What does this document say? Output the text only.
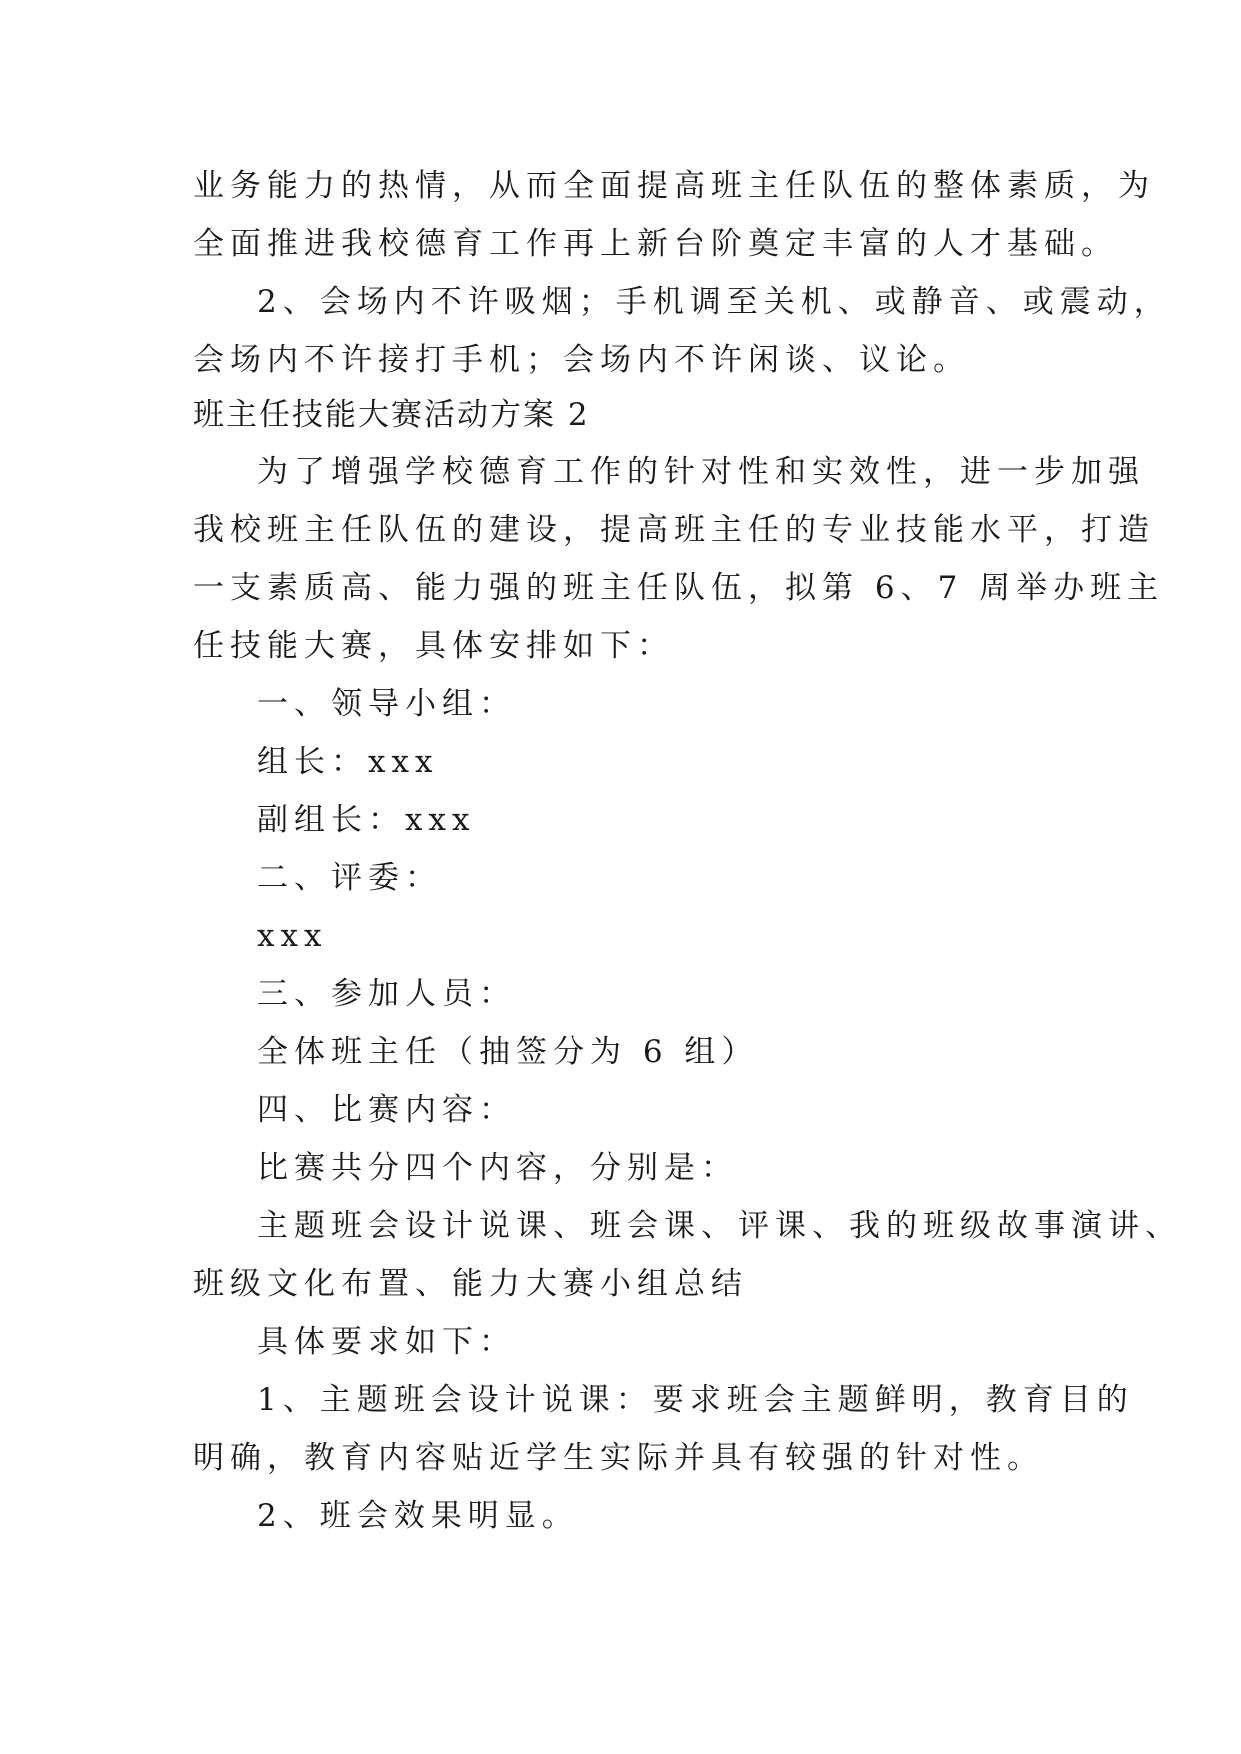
业务能力的热情，从而全面提高班主任队伍的整体素质，为
全面推进我校德育工作再上新台阶奠定丰富的人才基础。
2、会场内不许吸烟；手机调至关机、或静音、或震动，
会场内不许接打手机；会场内不许闲谈、议论。
班主任技能大赛活动方案 2
为了增强学校德育工作的针对性和实效性，进一步加强
我校班主任队伍的建设，提高班主任的专业技能水平，打造
一支素质高、能力强的班主任队伍，拟第 6、7 周举办班主
任技能大赛，具体安排如下：
一、领导小组：
组长：xxx
副组长：xxx
二、评委：
xxx
三、参加人员：
全体班主任（抽签分为 6 组）
四、比赛内容：
比赛共分四个内容，分别是：
主题班会设计说课、班会课、评课、我的班级故事演讲、
班级文化布置、能力大赛小组总结
具体要求如下：
1、主题班会设计说课：要求班会主题鲜明，教育目的
明确，教育内容贴近学生实际并具有较强的针对性。
2、班会效果明显。
